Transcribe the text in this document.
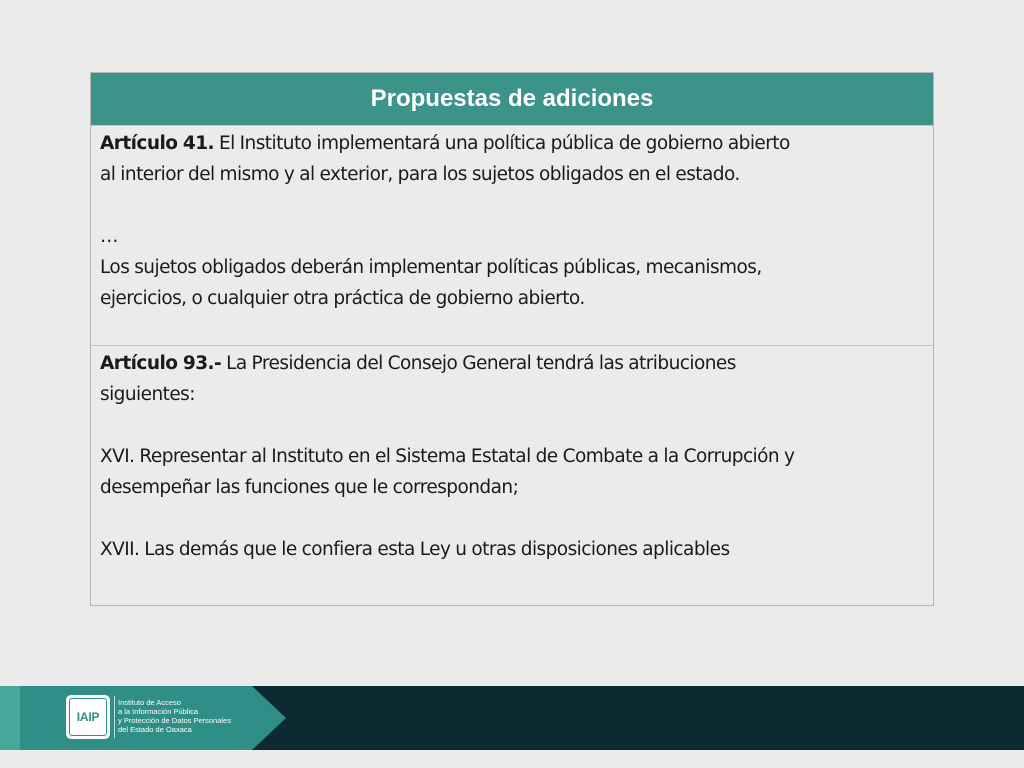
Propuestas de adiciones

Artículo 41. El Instituto implementará una política pública de gobierno abierto

al interior del mismo y al exterior, para los sujetos obligados en el estado.

…

Los sujetos obligados deberán implementar políticas públicas, mecanismos,

ejercicios, o cualquier otra práctica de gobierno abierto.

Artículo 93.- La Presidencia del Consejo General tendrá las atribuciones

siguientes:

XVI. Representar al Instituto en el Sistema Estatal de Combate a la Corrupción y

desempeñar las funciones que le correspondan;

XVII. Las demás que le confiera esta Ley u otras disposiciones aplicables

IAIP
Instituto de Acceso
a la Información Pública
y Protección de Datos Personales
del Estado de Oaxaca
